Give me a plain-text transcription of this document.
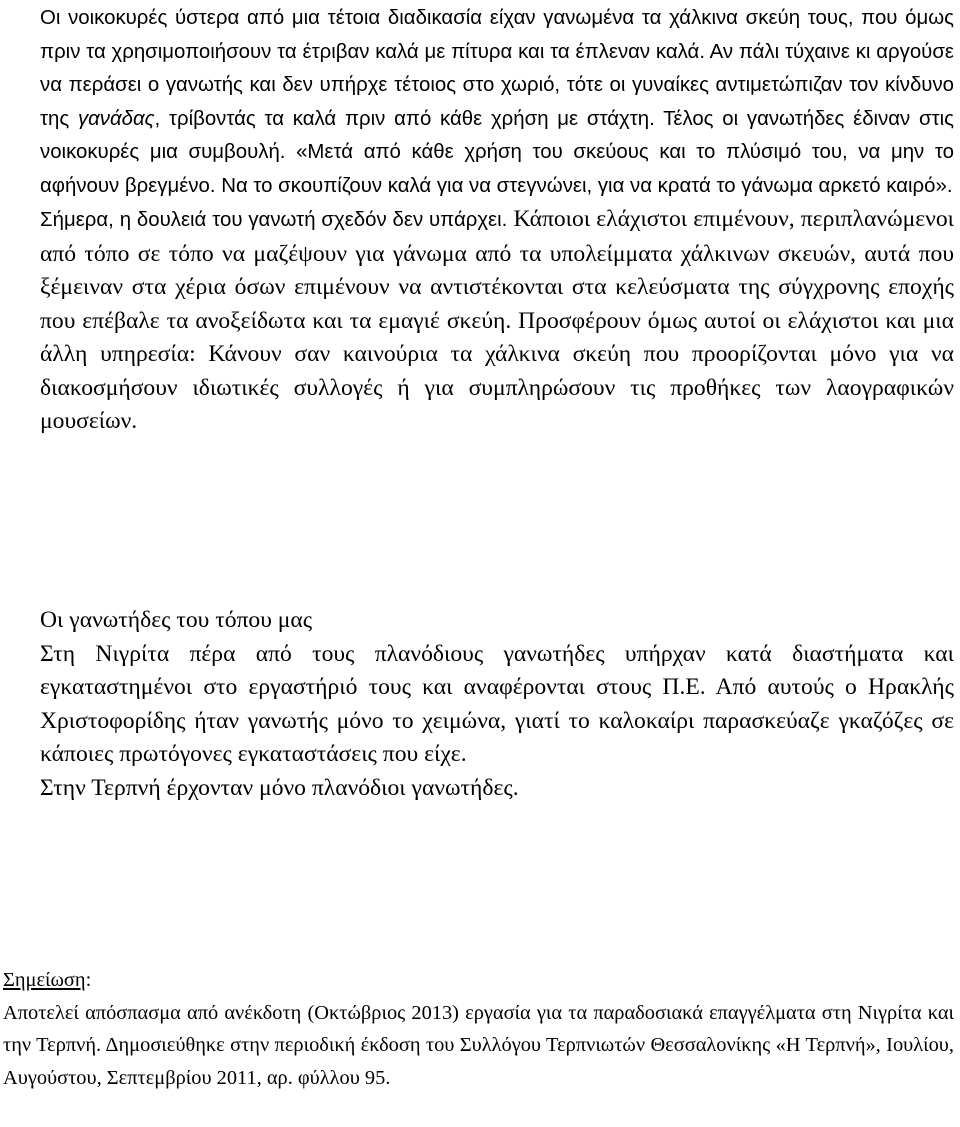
Οι νοικοκυρές ύστερα από μια τέτοια διαδικασία είχαν γανωμένα τα χάλκινα σκεύη τους, που όμως πριν τα χρησιμοποιήσουν τα έτριβαν καλά με πίτυρα και τα έπλεναν καλά. Αν πάλι τύχαινε κι αργούσε να περάσει ο γανωτής και δεν υπήρχε τέτοιος στο χωριό, τότε οι γυναίκες αντιμετώπιζαν τον κίνδυνο της γανάδας, τρίβοντάς τα καλά πριν από κάθε χρήση με στάχτη. Τέλος οι γανωτήδες έδιναν στις νοικοκυρές μια συμβουλή. «Μετά από κάθε χρήση του σκεύους και το πλύσιμό του, να μην το αφήνουν βρεγμένο. Να το σκουπίζουν καλά για να στεγνώνει, για να κρατά το γάνωμα αρκετό καιρό».

Σήμερα, η δουλειά του γανωτή σχεδόν δεν υπάρχει. Κάποιοι ελάχιστοι επιμένουν, περιπλανώμενοι από τόπο σε τόπο να μαζέψουν για γάνωμα από τα υπολείμματα χάλκινων σκευών, αυτά που ξέμειναν στα χέρια όσων επιμένουν να αντιστέκονται στα κελεύσματα της σύγχρονης εποχής που επέβαλε τα ανοξείδωτα και τα εμαγιέ σκεύη. Προσφέρουν όμως αυτοί οι ελάχιστοι και μια άλλη υπηρεσία: Κάνουν σαν καινούρια τα χάλκινα σκεύη που προορίζονται μόνο για να διακοσμήσουν ιδιωτικές συλλογές ή για συμπληρώσουν τις προθήκες των λαογραφικών μουσείων.

Οι γανωτήδες του τόπου μας

Στη Νιγρίτα πέρα από τους πλανόδιους γανωτήδες υπήρχαν κατά διαστήματα και εγκαταστημένοι στο εργαστήριό τους και αναφέρονται στους Π.Ε. Από αυτούς ο Ηρακλής Χριστοφορίδης ήταν γανωτής μόνο το χειμώνα, γιατί το καλοκαίρι παρασκεύαζε γκαζόζες σε κάποιες πρωτόγονες εγκαταστάσεις που είχε.

Στην Τερπνή έρχονταν μόνο πλανόδιοι γανωτήδες.

Σημείωση:

Αποτελεί απόσπασμα από ανέκδοτη (Οκτώβριος 2013) εργασία για τα παραδοσιακά επαγγέλματα στη Νιγρίτα και την Τερπνή. Δημοσιεύθηκε στην περιοδική έκδοση του Συλλόγου Τερπνιωτών Θεσσαλονίκης «Η Τερπνή», Ιουλίου, Αυγούστου, Σεπτεμβρίου 2011, αρ. φύλλου 95.
